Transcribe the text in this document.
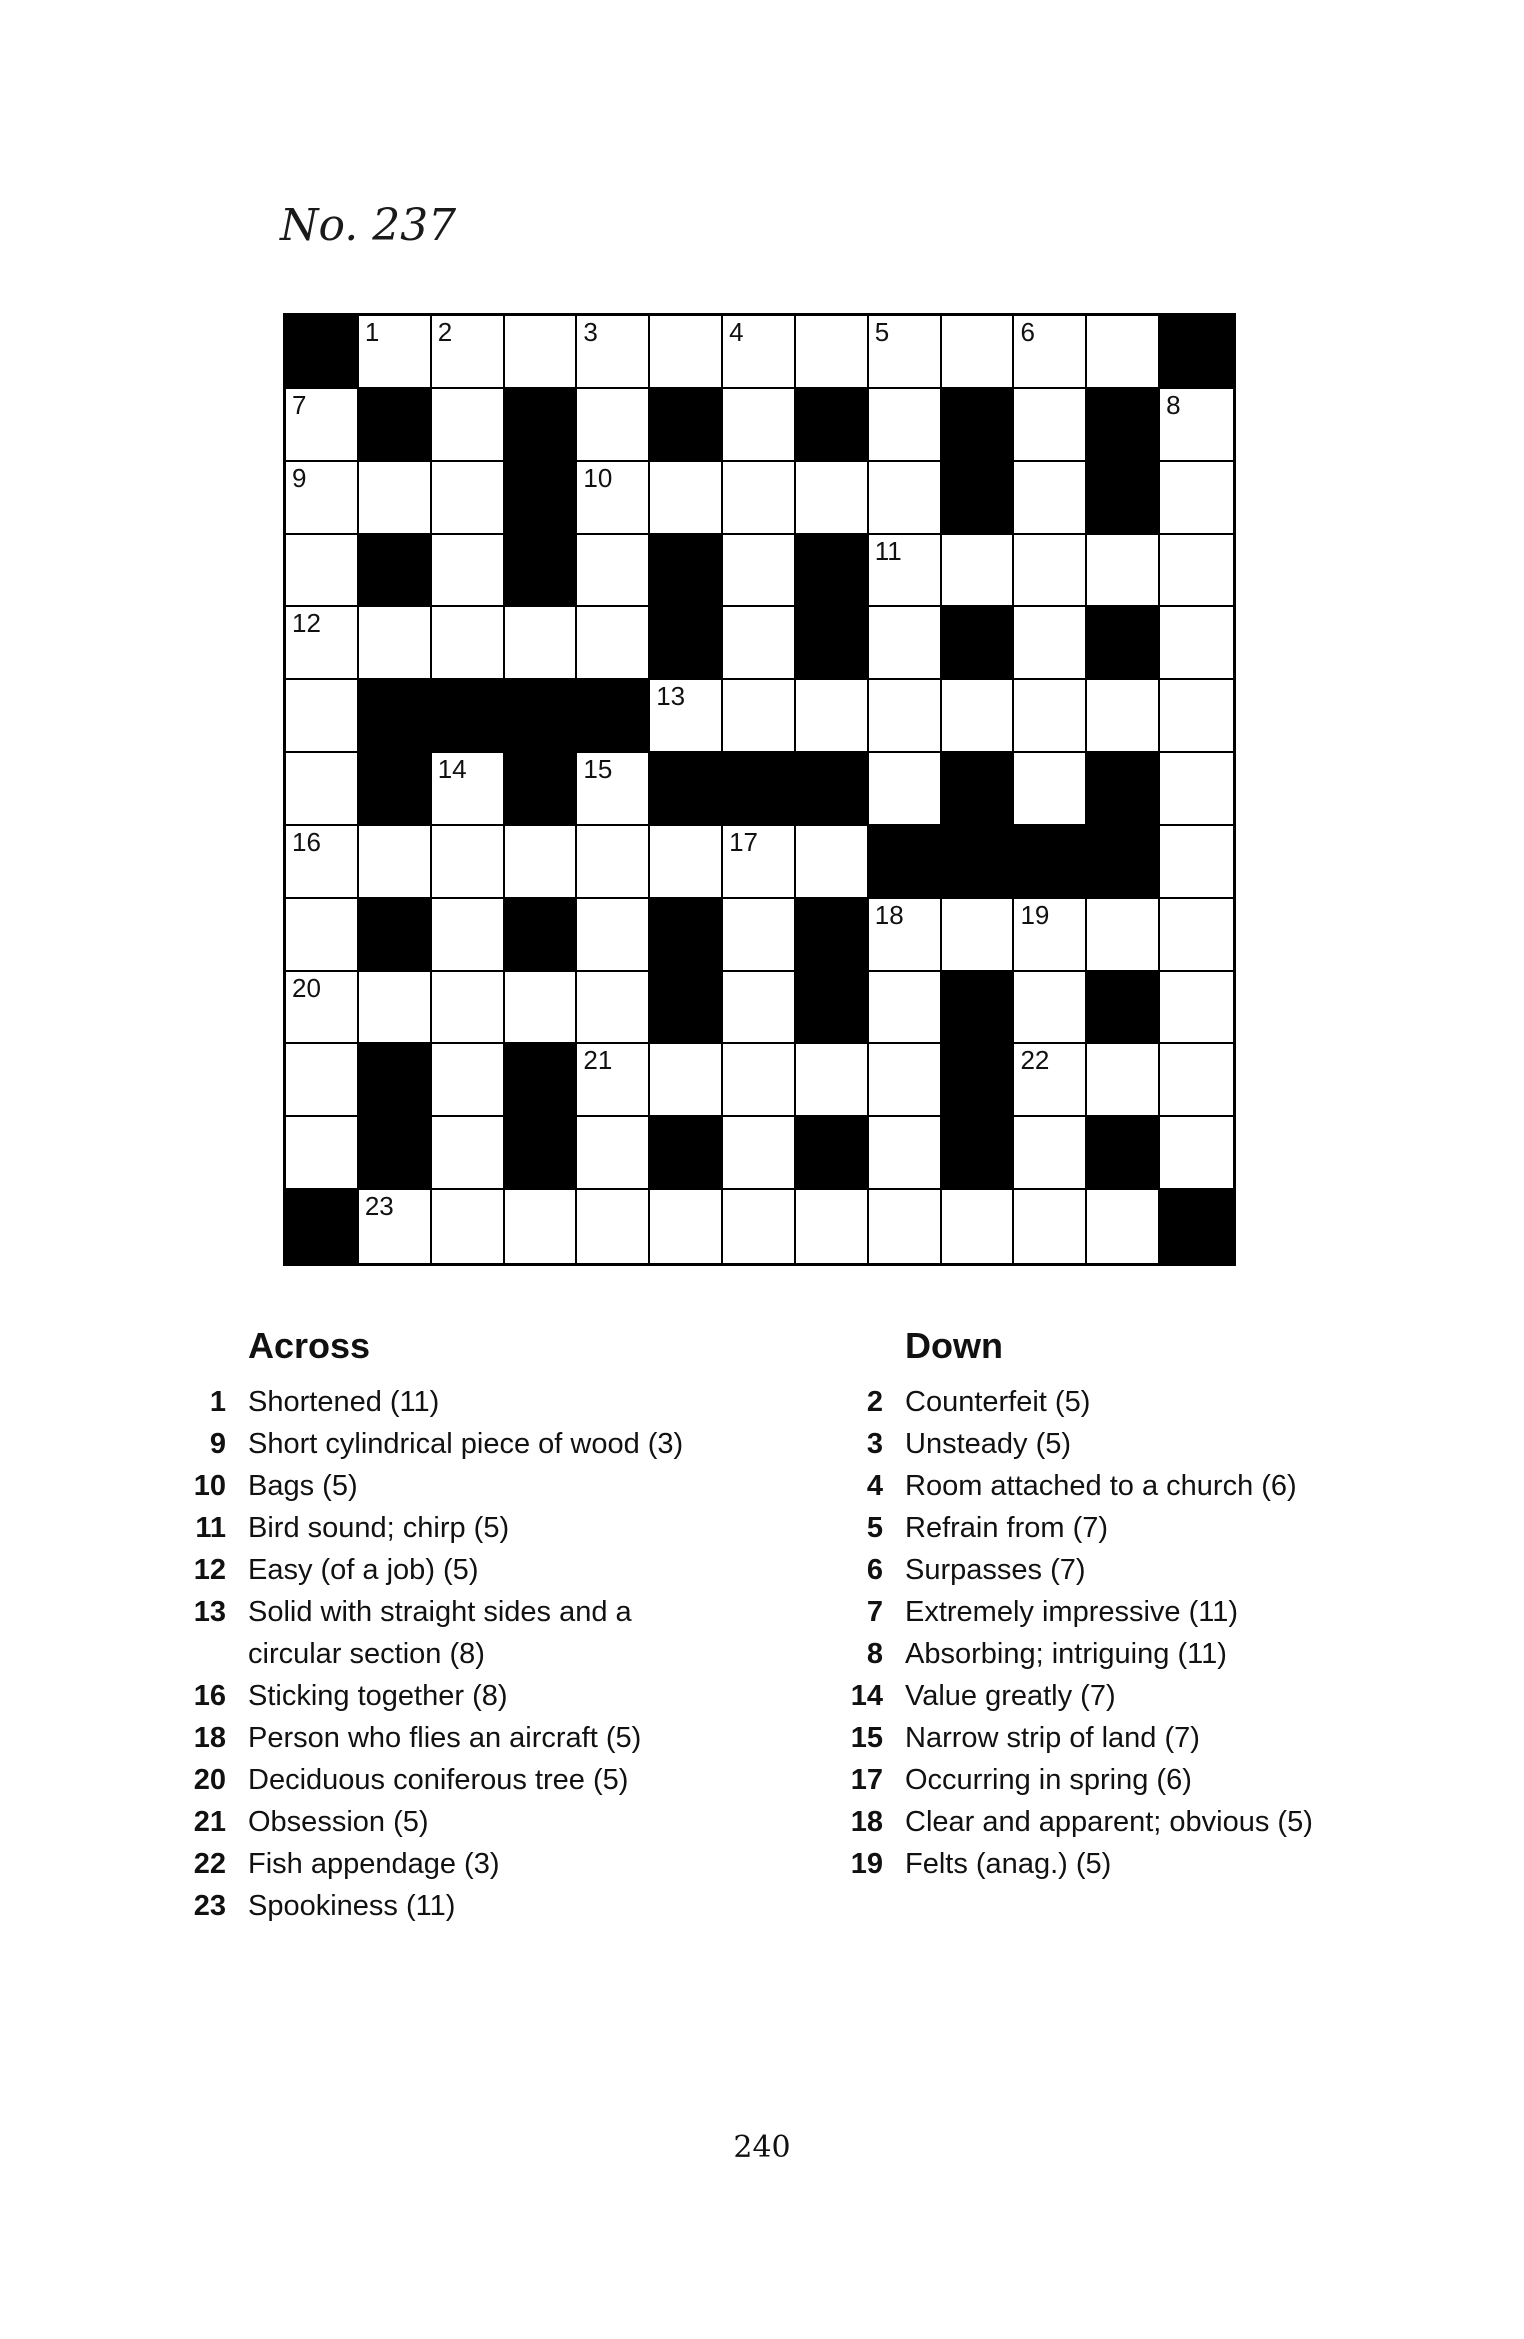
No. 237
1 2	3	4	5	6
7	8
9	10
11
12
13
14	15
16	17
18	19
20
21	22
23
Across
1 Shortened (11)
9 Short cylindrical piece of wood (3)
10 Bags (5)
11 Bird sound; chirp (5)
12 Easy (of a job) (5)
13 Solid with straight sides and a
circular section (8)
16 Sticking together (8)
18 Person who flies an aircraft (5)
20 Deciduous coniferous tree (5)
21 Obsession (5)
22 Fish appendage (3)
23 Spookiness (11)
Down
2 Counterfeit (5)
3 Unsteady (5)
4 Room attached to a church (6)
5 Refrain from (7)
6 Surpasses (7)
7 Extremely impressive (11)
8 Absorbing; intriguing (11)
14 Value greatly (7)
15 Narrow strip of land (7)
17 Occurring in spring (6)
18 Clear and apparent; obvious (5)
19 Felts (anag.) (5)
240
